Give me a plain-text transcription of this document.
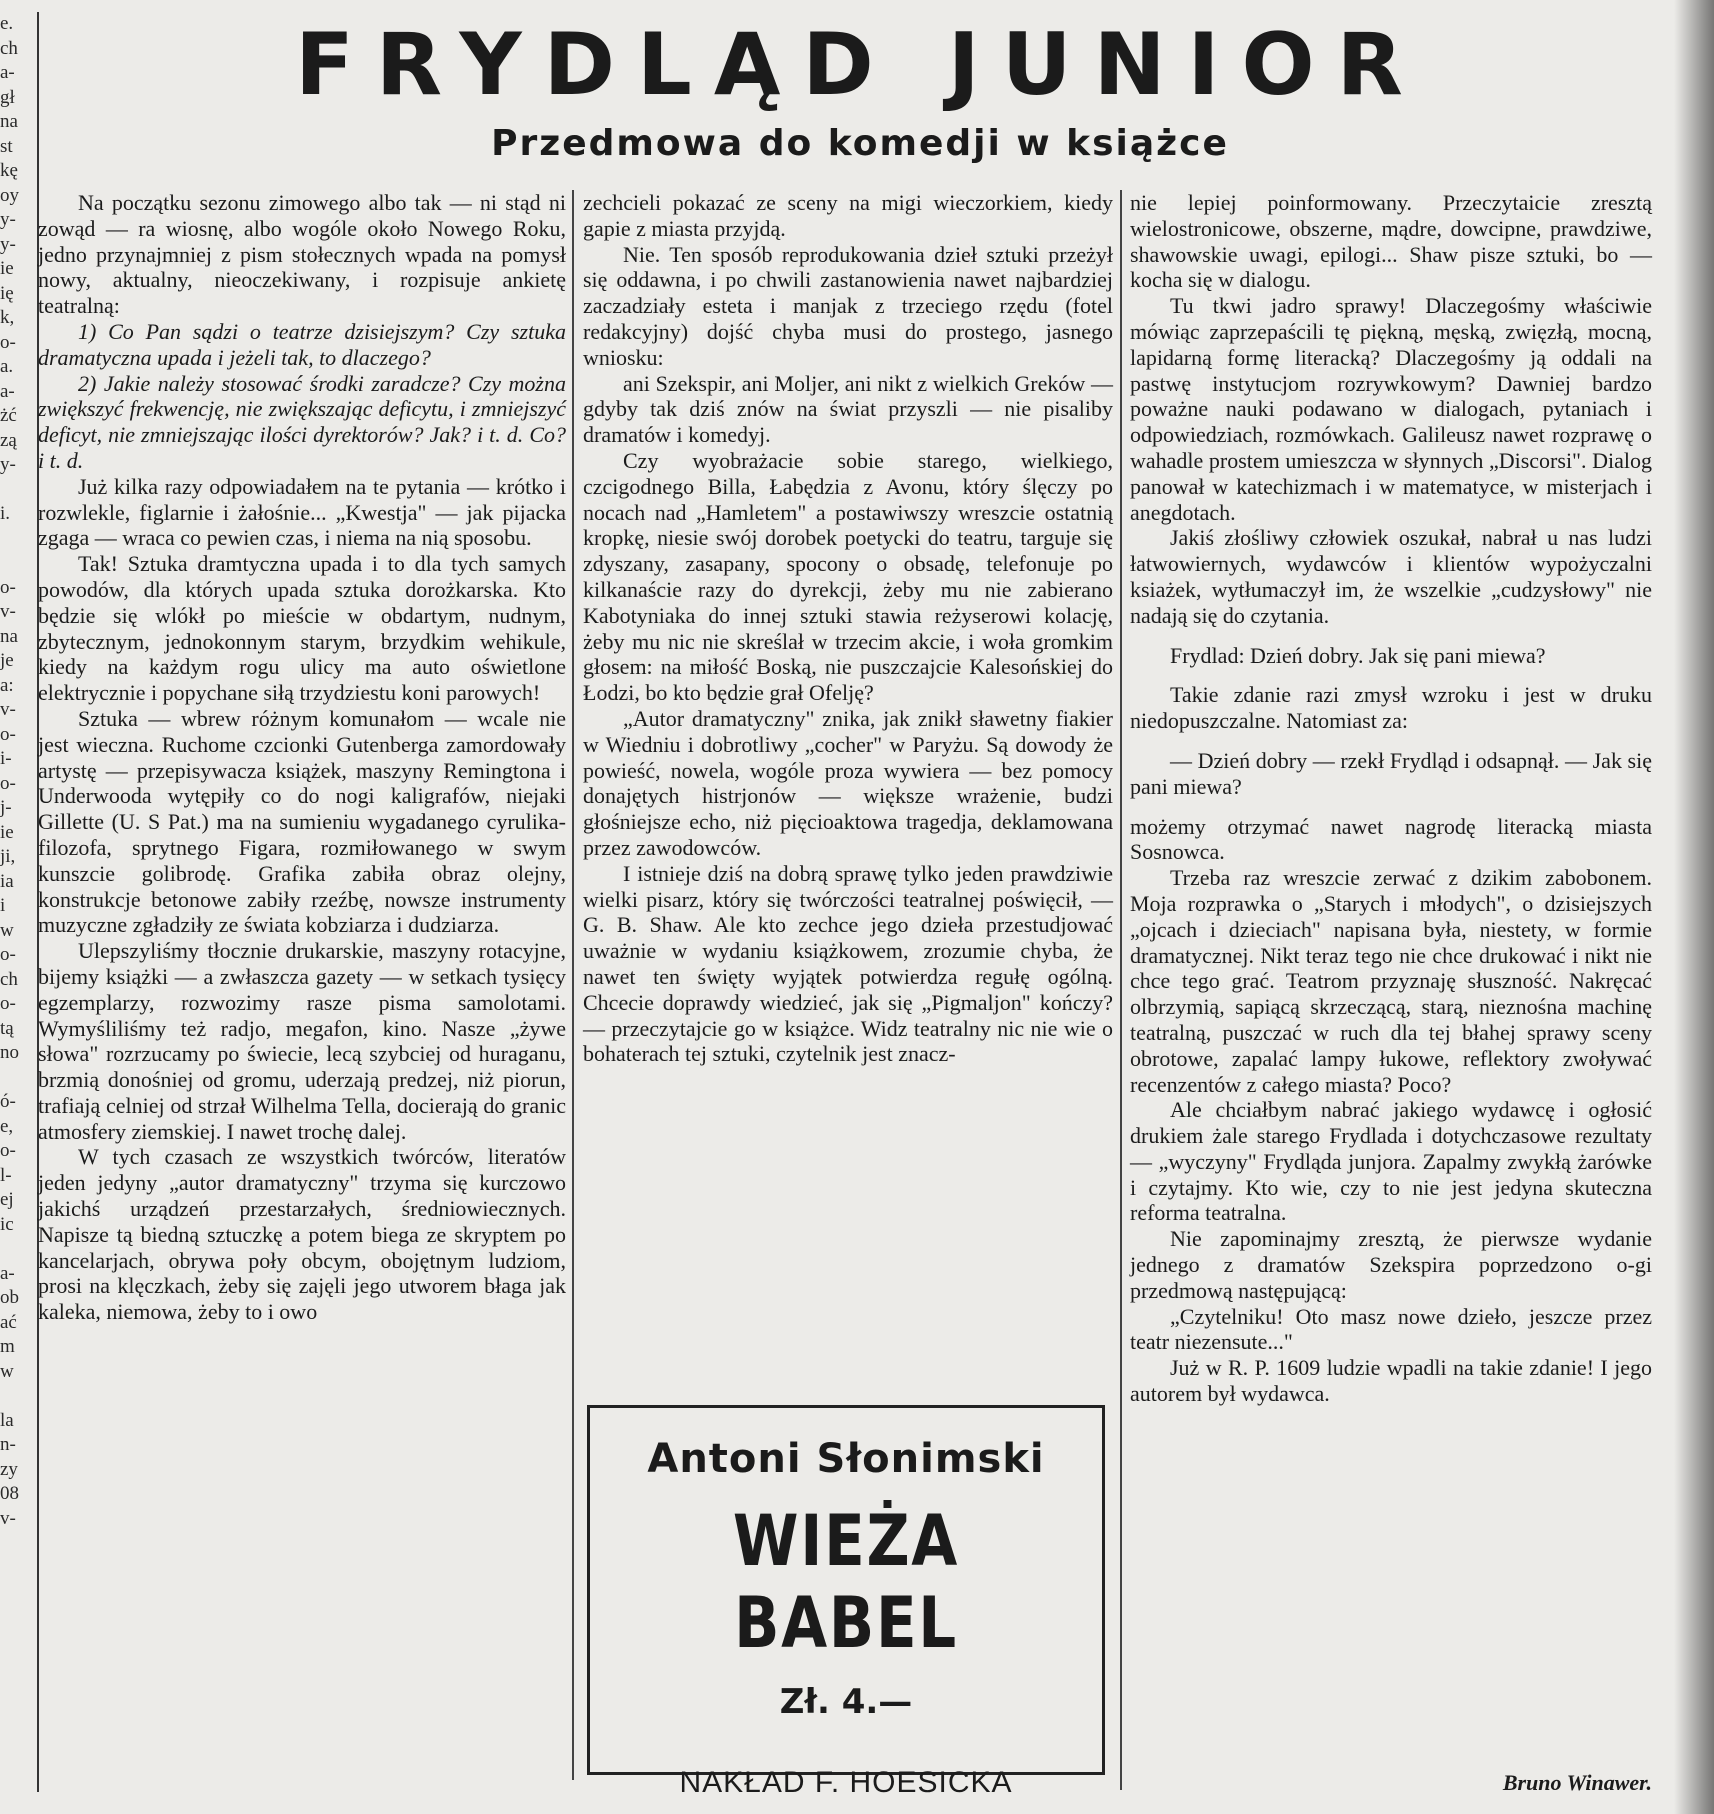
e.
ch
a-
gł
na
st
kę
oy
y-
y-
ie
ię
k,
o-
a.
a-
żć
zą
y-

i.

o-
v-
na
je
a:
v-
o-
i-
o-
j-
ie
ji,
ia
i
w
o-
ch
o-
tą
no

ó-
e,
o-
l-
ej
ic

a-
ob
ać
m
w

la
n-
zy
08
v-
FRYDLĄD JUNIOR
Przedmowa do komedji w książce

Na początku sezonu zimowego albo tak — ni stąd ni zowąd — ra wiosnę, albo wogóle około Nowego Roku, jedno przynajmniej z pism stołecznych wpada na pomysł nowy, aktualny, nieoczekiwany, i rozpisuje ankietę teatralną:

1) Co Pan sądzi o teatrze dzisiejszym? Czy sztuka dramatyczna upada i jeżeli tak, to dlaczego?

2) Jakie należy stosować środki zaradcze? Czy można zwiększyć frekwencję, nie zwiększając deficytu, i zmniejszyć deficyt, nie zmniejszając ilości dyrektorów? Jak? i t. d. Co? i t. d.

Już kilka razy odpowiadałem na te pytania — krótko i rozwlekle, figlarnie i żałośnie... „Kwestja" — jak pijacka zgaga — wraca co pewien czas, i niema na nią sposobu.

Tak! Sztuka dramtyczna upada i to dla tych samych powodów, dla których upada sztuka dorożkarska. Kto będzie się wlókł po mieście w obdartym, nudnym, zbytecznym, jednokonnym starym, brzydkim wehikule, kiedy na każdym rogu ulicy ma auto oświetlone elektrycznie i popychane siłą trzydziestu koni parowych!

Sztuka — wbrew różnym komunałom — wcale nie jest wieczna. Ruchome czcionki Gutenberga zamordowały artystę — przepisywacza książek, maszyny Remingtona i Underwooda wytępiły co do nogi kaligrafów, niejaki Gillette (U. S Pat.) ma na sumieniu wygadanego cyrulika-filozofa, sprytnego Figara, rozmiłowanego w swym kunszcie golibrodę. Grafika zabiła obraz olejny, konstrukcje betonowe zabiły rzeźbę, nowsze instrumenty muzyczne zgładziły ze świata kobziarza i dudziarza.

Ulepszyliśmy tłocznie drukarskie, maszyny rotacyjne, bijemy książki — a zwłaszcza gazety — w setkach tysięcy egzemplarzy, rozwozimy rasze pisma samolotami. Wymyśliliśmy też radjo, megafon, kino. Nasze „żywe słowa" rozrzucamy po świecie, lecą szybciej od huraganu, brzmią donośniej od gromu, uderzają predzej, niż piorun, trafiają celniej od strzał Wilhelma Tella, docierają do granic atmosfery ziemskiej. I nawet trochę dalej.

W tych czasach ze wszystkich twórców, literatów jeden jedyny „autor dramatyczny" trzyma się kurczowo jakichś urządzeń przestarzałych, średniowiecznych. Napisze tą biedną sztuczkę a potem biega ze skryptem po kancelarjach, obrywa poły obcym, obojętnym ludziom, prosi na klęczkach, żeby się zajęli jego utworem błaga jak kaleka, niemowa, żeby to i owo

zechcieli pokazać ze sceny na migi wieczorkiem, kiedy gapie z miasta przyjdą.

Nie. Ten sposób reprodukowania dzieł sztuki przeżył się oddawna, i po chwili zastanowienia nawet najbardziej zaczadziały esteta i manjak z trzeciego rzędu (fotel redakcyjny) dojść chyba musi do prostego, jasnego wniosku:

ani Szekspir, ani Moljer, ani nikt z wielkich Greków — gdyby tak dziś znów na świat przyszli — nie pisaliby dramatów i komedyj.

Czy wyobrażacie sobie starego, wielkiego, czcigodnego Billa, Łabędzia z Avonu, który ślęczy po nocach nad „Hamletem" a postawiwszy wreszcie ostatnią kropkę, niesie swój dorobek poetycki do teatru, targuje się zdyszany, zasapany, spocony o obsadę, telefonuje po kilkanaście razy do dyrekcji, żeby mu nie zabierano Kabotyniaka do innej sztuki stawia reżyserowi kolację, żeby mu nic nie skreślał w trzecim akcie, i woła gromkim głosem: na miłość Boską, nie puszczajcie Kalesońskiej do Łodzi, bo kto będzie grał Ofelję?

„Autor dramatyczny" znika, jak znikł sławetny fiakier w Wiedniu i dobrotliwy „cocher" w Paryżu. Są dowody że powieść, nowela, wogóle proza wywiera — bez pomocy donajętych histrjonów — większe wrażenie, budzi głośniejsze echo, niż pięcioaktowa tragedja, deklamowana przez zawodowców.

I istnieje dziś na dobrą sprawę tylko jeden prawdziwie wielki pisarz, który się twórczości teatralnej poświęcił, — G. B. Shaw. Ale kto zechce jego dzieła przestudjować uważnie w wydaniu książkowem, zrozumie chyba, że nawet ten święty wyjątek potwierdza regułę ogólną. Chcecie doprawdy wiedzieć, jak się „Pigmaljon" kończy? — przeczytajcie go w książce. Widz teatralny nic nie wie o bohaterach tej sztuki, czytelnik jest znacz-

nie lepiej poinformowany. Przeczytaicie zresztą wielostronicowe, obszerne, mądre, dowcipne, prawdziwe, shawowskie uwagi, epilogi... Shaw pisze sztuki, bo — kocha się w dialogu.

Tu tkwi jadro sprawy! Dlaczegośmy właściwie mówiąc zaprzepaścili tę piękną, męską, zwięzłą, mocną, lapidarną formę literacką? Dlaczegośmy ją oddali na pastwę instytucjom rozrywkowym? Dawniej bardzo poważne nauki podawano w dialogach, pytaniach i odpowiedziach, rozmówkach. Galileusz nawet rozprawę o wahadle prostem umieszcza w słynnych „Discorsi". Dialog panował w katechizmach i w matematyce, w misterjach i anegdotach.

Jakiś złośliwy człowiek oszukał, nabrał u nas ludzi łatwowiernych, wydawców i klientów wypożyczalni ksiażek, wytłumaczył im, że wszelkie „cudzysłowy" nie nadają się do czytania.

Frydlad: Dzień dobry. Jak się pani miewa?

Takie zdanie razi zmysł wzroku i jest w druku niedopuszczalne. Natomiast za:

— Dzień dobry — rzekł Frydląd i odsapnął. — Jak się pani miewa?

możemy otrzymać nawet nagrodę literacką miasta Sosnowca.

Trzeba raz wreszcie zerwać z dzikim zabobonem. Moja rozprawka o „Starych i młodych", o dzisiejszych „ojcach i dzieciach" napisana była, niestety, w formie dramatycznej. Nikt teraz tego nie chce drukować i nikt nie chce tego grać. Teatrom przyznaję słuszność. Nakręcać olbrzymią, sapiącą skrzeczącą, starą, nieznośna machinę teatralną, puszczać w ruch dla tej błahej sprawy sceny obrotowe, zapalać lampy łukowe, reflektory zwoływać recenzentów z całego miasta? Poco?

Ale chciałbym nabrać jakiego wydawcę i ogłosić drukiem żale starego Frydlada i dotychczasowe rezultaty — „wyczyny" Frydląda junjora. Zapalmy zwykłą żarówke i czytajmy. Kto wie, czy to nie jest jedyna skuteczna reforma teatralna.

Nie zapominajmy zresztą, że pierwsze wydanie jednego z dramatów Szekspira poprzedzono o-gi przedmową następującą:

„Czytelniku! Oto masz nowe dzieło, jeszcze przez teatr niezensute..."

Już w R. P. 1609 ludzie wpadli na takie zdanie! I jego autorem był wydawca.

Antoni Słonimski
WIEŻA BABEL
Zł. 4.—
NAKŁAD F. HOESICKA	Bruno Winawer.
